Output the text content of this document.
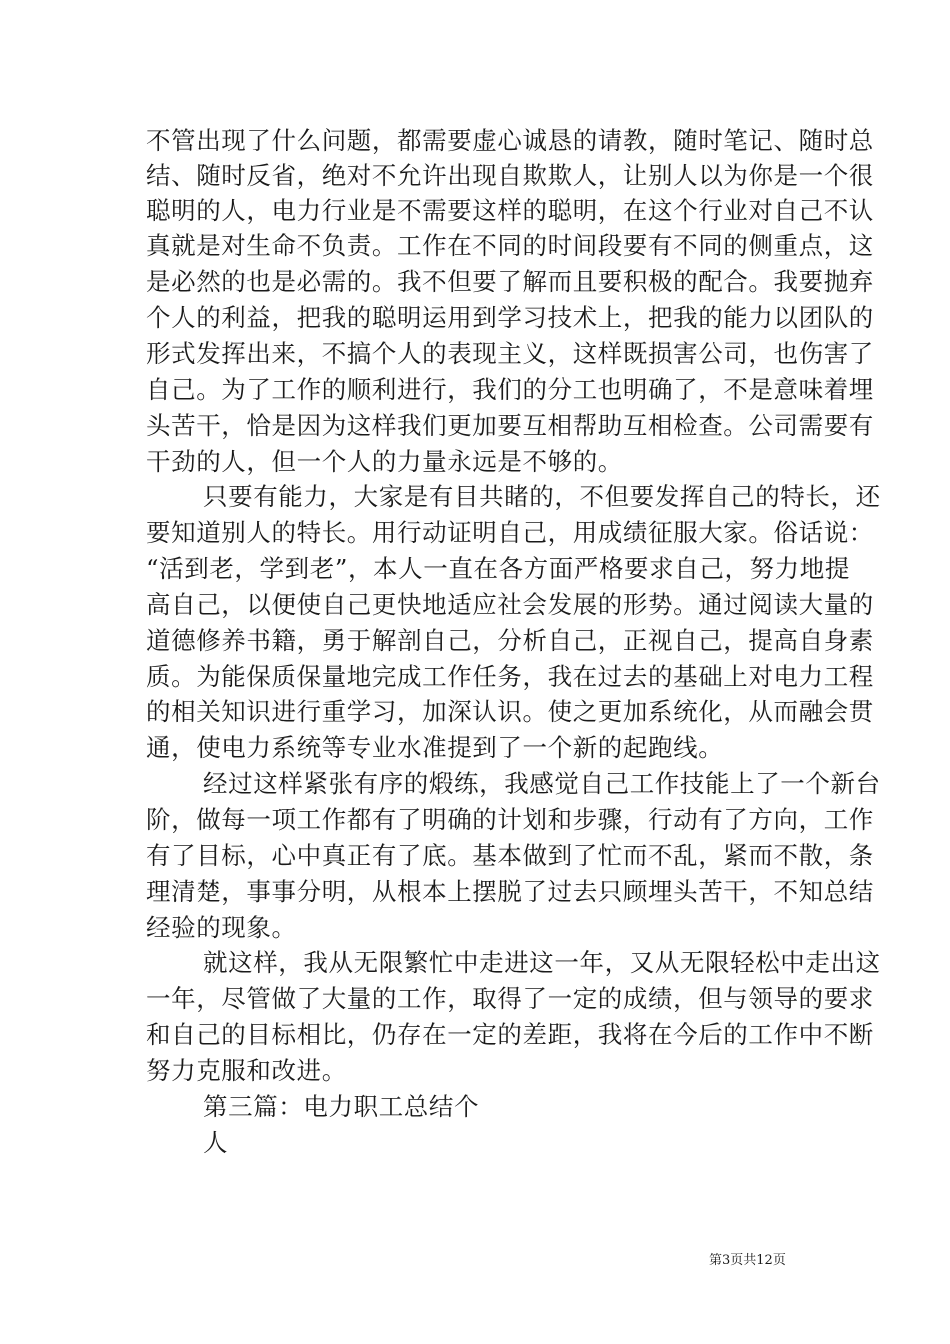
不管出现了什么问题，都需要虚心诚恳的请教，随时笔记、随时总
结、随时反省，绝对不允许出现自欺欺人，让别人以为你是一个很
聪明的人，电力行业是不需要这样的聪明，在这个行业对自己不认
真就是对生命不负责。工作在不同的时间段要有不同的侧重点，这
是必然的也是必需的。我不但要了解而且要积极的配合。我要抛弃
个人的利益，把我的聪明运用到学习技术上，把我的能力以团队的
形式发挥出来，不搞个人的表现主义，这样既损害公司，也伤害了
自己。为了工作的顺利进行，我们的分工也明确了，不是意味着埋
头苦干，恰是因为这样我们更加要互相帮助互相检查。公司需要有
干劲的人，但一个人的力量永远是不够的。
只要有能力，大家是有目共睹的，不但要发挥自己的特长，还
要知道别人的特长。用行动证明自己，用成绩征服大家。俗话说：
“活到老，学到老”，本人一直在各方面严格要求自己，努力地提
高自己，以便使自己更快地适应社会发展的形势。通过阅读大量的
道德修养书籍，勇于解剖自己，分析自己，正视自己，提高自身素
质。为能保质保量地完成工作任务，我在过去的基础上对电力工程
的相关知识进行重学习，加深认识。使之更加系统化，从而融会贯
通，使电力系统等专业水准提到了一个新的起跑线。
经过这样紧张有序的煅练，我感觉自己工作技能上了一个新台
阶，做每一项工作都有了明确的计划和步骤，行动有了方向，工作
有了目标，心中真正有了底。基本做到了忙而不乱，紧而不散，条
理清楚，事事分明，从根本上摆脱了过去只顾埋头苦干，不知总结
经验的现象。
就这样，我从无限繁忙中走进这一年，又从无限轻松中走出这
一年，尽管做了大量的工作，取得了一定的成绩，但与领导的要求
和自己的目标相比，仍存在一定的差距，我将在今后的工作中不断
努力克服和改进。
第三篇：电力职工总结个
人
第3页共12页
